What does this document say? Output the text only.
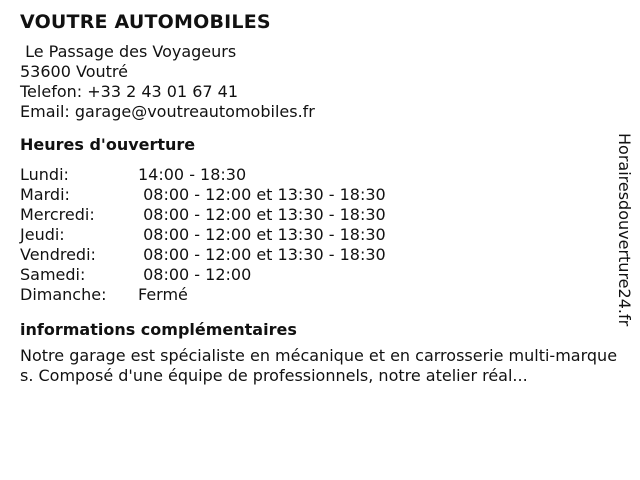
VOUTRE AUTOMOBILES
Le Passage des Voyageurs
53600 Voutré
Telefon: +33 2 43 01 67 41
Email: garage@voutreautomobiles.fr
Heures d'ouverture
Lundi:	14:00 - 18:30
Mardi:	08:00 - 12:00 et 13:30 - 18:30
Mercredi:	08:00 - 12:00 et 13:30 - 18:30
Jeudi:	08:00 - 12:00 et 13:30 - 18:30
Vendredi:	08:00 - 12:00 et 13:30 - 18:30
Samedi:	08:00 - 12:00
Dimanche:	Fermé
informations complémentaires
Notre garage est spécialiste en mécanique et en carrosserie multi-marques. Composé d'une équipe de professionnels, notre atelier réal...
Horairesdouverture24.fr
